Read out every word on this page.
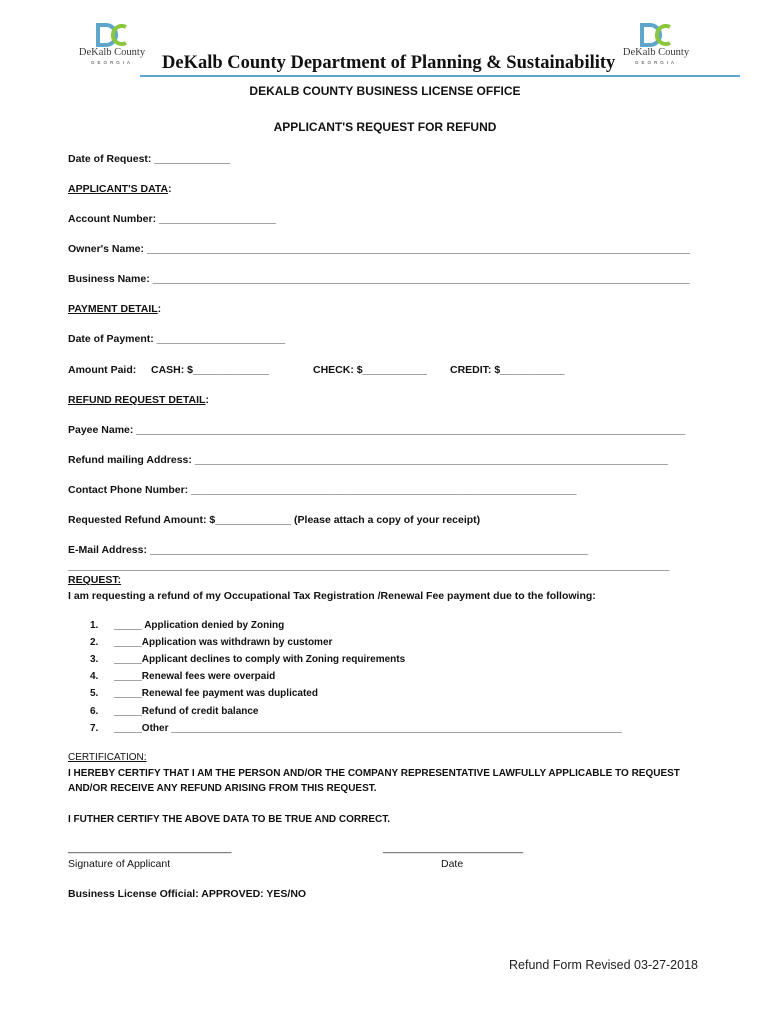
DeKalb County
GEORGIA
DeKalb County
GEORGIA
DeKalb County Department of Planning & Sustainability
DEKALB COUNTY BUSINESS LICENSE OFFICE
APPLICANT'S REQUEST FOR REFUND
Date of Request: _____________
APPLICANT'S DATA:
Account Number: ____________________
Owner's Name: _____________________________________________________________________________________________
Business Name: ____________________________________________________________________________________________
PAYMENT DETAIL:
Date of Payment: ______________________
Amount Paid: CASH: $_____________	CHECK: $___________ CREDIT: $___________
REFUND REQUEST DETAIL:
Payee Name: ______________________________________________________________________________________________
Refund mailing Address: _________________________________________________________________________________
Contact Phone Number: __________________________________________________________________
Requested Refund Amount: $_____________ (Please attach a copy of your receipt)
E-Mail Address: ___________________________________________________________________________
_______________________________________________________________________________________________________
REQUEST:
I am requesting a refund of my Occupational Tax Registration /Renewal Fee payment due to the following:
1. _____ Application denied by Zoning
2. _____Application was withdrawn by customer
3. _____Applicant declines to comply with Zoning requirements
4. _____Renewal fees were overpaid
5. _____Renewal fee payment was duplicated
6. _____Refund of credit balance
7. _____Other _________________________________________________________________________________
CERTIFICATION:
I HEREBY CERTIFY THAT I AM THE PERSON AND/OR THE COMPANY REPRESENTATIVE LAWFULLY APPLICABLE TO REQUEST
AND/OR RECEIVE ANY REFUND ARISING FROM THIS REQUEST.
I FUTHER CERTIFY THE ABOVE DATA TO BE TRUE AND CORRECT.
____________________________	________________________
Signature of Applicant	Date
Business License Official: APPROVED: YES/NO
Refund Form Revised 03-27-2018
